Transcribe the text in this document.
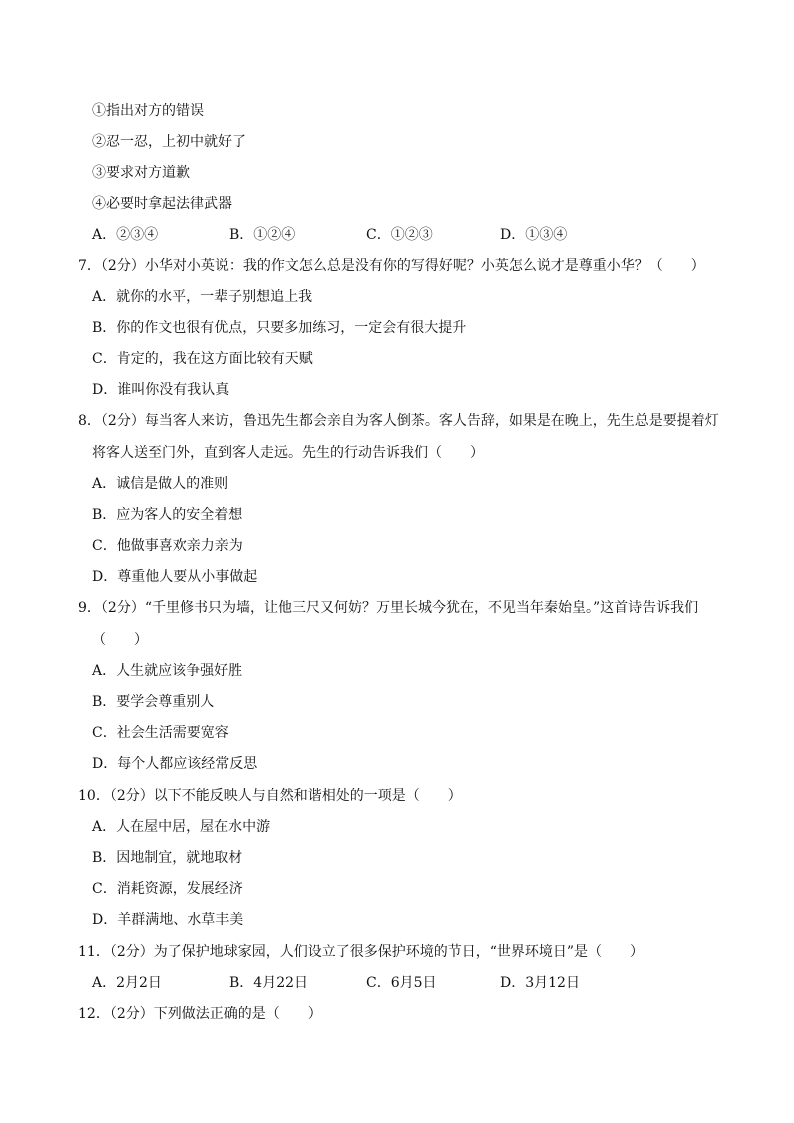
①指出对方的错误
②忍一忍，上初中就好了
③要求对方道歉
④必要时拿起法律武器
A．②③④	B．①②④	C．①②③	D．①③④
7．（2分）小华对小英说：我的作文怎么总是没有你的写得好呢？小英怎么说才是尊重小华？（　　）
A．就你的水平，一辈子别想追上我
B．你的作文也很有优点，只要多加练习，一定会有很大提升
C．肯定的，我在这方面比较有天赋
D．谁叫你没有我认真
8．（2分）每当客人来访，鲁迅先生都会亲自为客人倒茶。客人告辞，如果是在晚上，先生总是要提着灯
将客人送至门外，直到客人走远。先生的行动告诉我们（　　）
A．诚信是做人的准则
B．应为客人的安全着想
C．他做事喜欢亲力亲为
D．尊重他人要从小事做起
9．（2分）“千里修书只为墙，让他三尺又何妨？万里长城今犹在，不见当年秦始皇。”这首诗告诉我们
（　　）
A．人生就应该争强好胜
B．要学会尊重别人
C．社会生活需要宽容
D．每个人都应该经常反思
10．（2分）以下不能反映人与自然和谐相处的一项是（　　）
A．人在屋中居，屋在水中游
B．因地制宜，就地取材
C．消耗资源，发展经济
D．羊群满地、水草丰美
11．（2分）为了保护地球家园，人们设立了很多保护环境的节日，“世界环境日”是（　　）
A．2月2日	B．4月22日	C．6月5日	D．3月12日
12．（2分）下列做法正确的是（　　）
